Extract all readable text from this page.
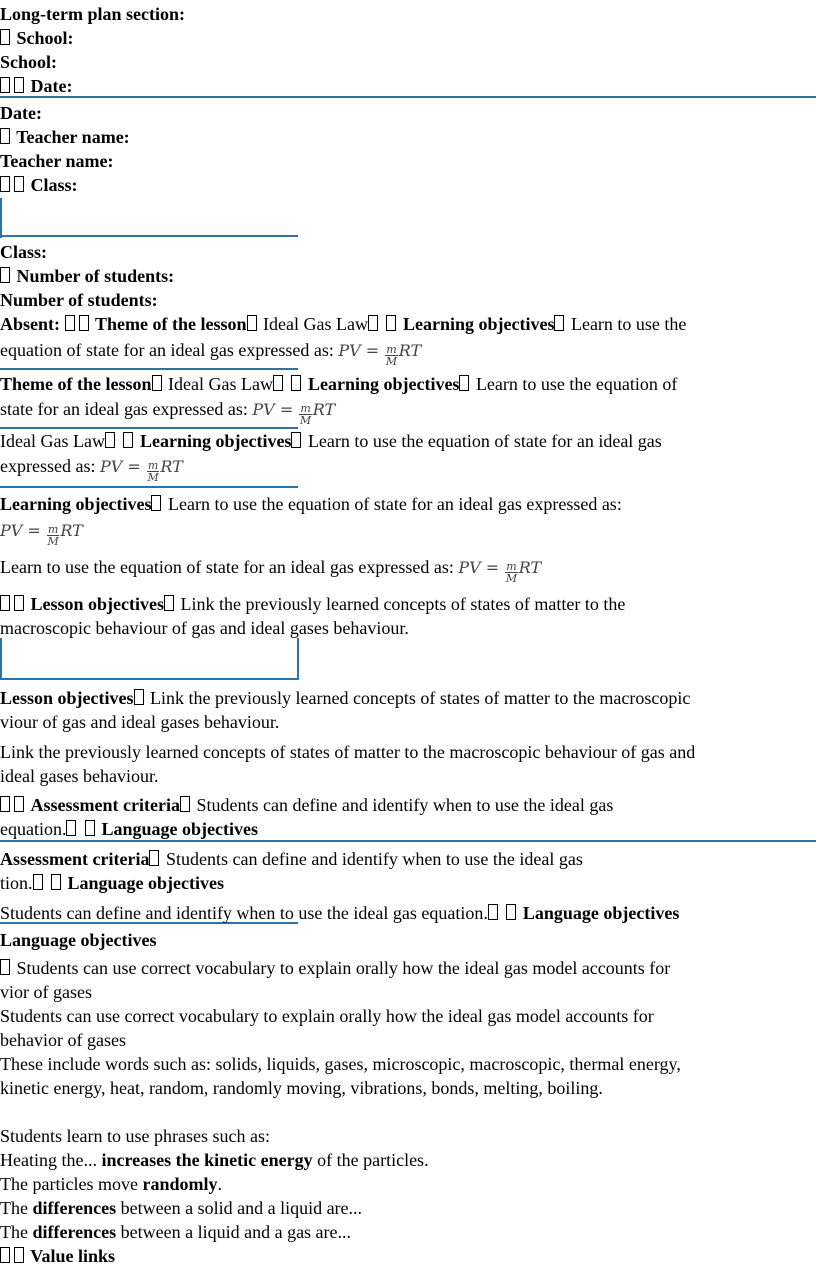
Long-term plan section:
School:
School:
Date:
Date:
Teacher name:
Teacher name:
Class:
Class:
Number of students:
Number of students:
Absent: Theme of the lesson Ideal Gas Law Learning objectives Learn to use the
equation of state for an ideal gas expressed as: PV = $\frac{m}{M}$ RT
Theme of the lesson Ideal Gas Law Learning objectives Learn to use the equation of
state for an ideal gas expressed as: PV = $\frac{m}{M}$ RT
Ideal Gas Law Learning objectives Learn to use the equation of state for an ideal gas
expressed as: PV = $\frac{m}{M}$ RT
Learning objectives Learn to use the equation of state for an ideal gas expressed as:
PV = $\frac{m}{M}$ RT
Learn to use the equation of state for an ideal gas expressed as: PV = $\frac{m}{M}$ RT
Lesson objectives Link the previously learned concepts of states of matter to the
macroscopic behaviour of gas and ideal gases behaviour.
Lesson objectives Link the previously learned concepts of states of matter to the macroscopic
viour of gas and ideal gases behaviour.
Link the previously learned concepts of states of matter to the macroscopic behaviour of gas and
ideal gases behaviour.
Assessment criteria Students can define and identify when to use the ideal gas
equation. Language objectives
Assessment criteria Students can define and identify when to use the ideal gas
tion. Language objectives
Students can define and identify when to use the ideal gas equation. Language objectives
Language objectives
Students can use correct vocabulary to explain orally how the ideal gas model accounts for
vior of gases
Students can use correct vocabulary to explain orally how the ideal gas model accounts for
behavior of gases
These include words such as: solids, liquids, gases, microscopic, macroscopic, thermal energy,
kinetic energy, heat, random, randomly moving, vibrations, bonds, melting, boiling.
Students learn to use phrases such as:
Heating the... increases the kinetic energy of the particles.
The particles move randomly.
The differences between a solid and a liquid are...
The differences between a liquid and a gas are...
Value links
